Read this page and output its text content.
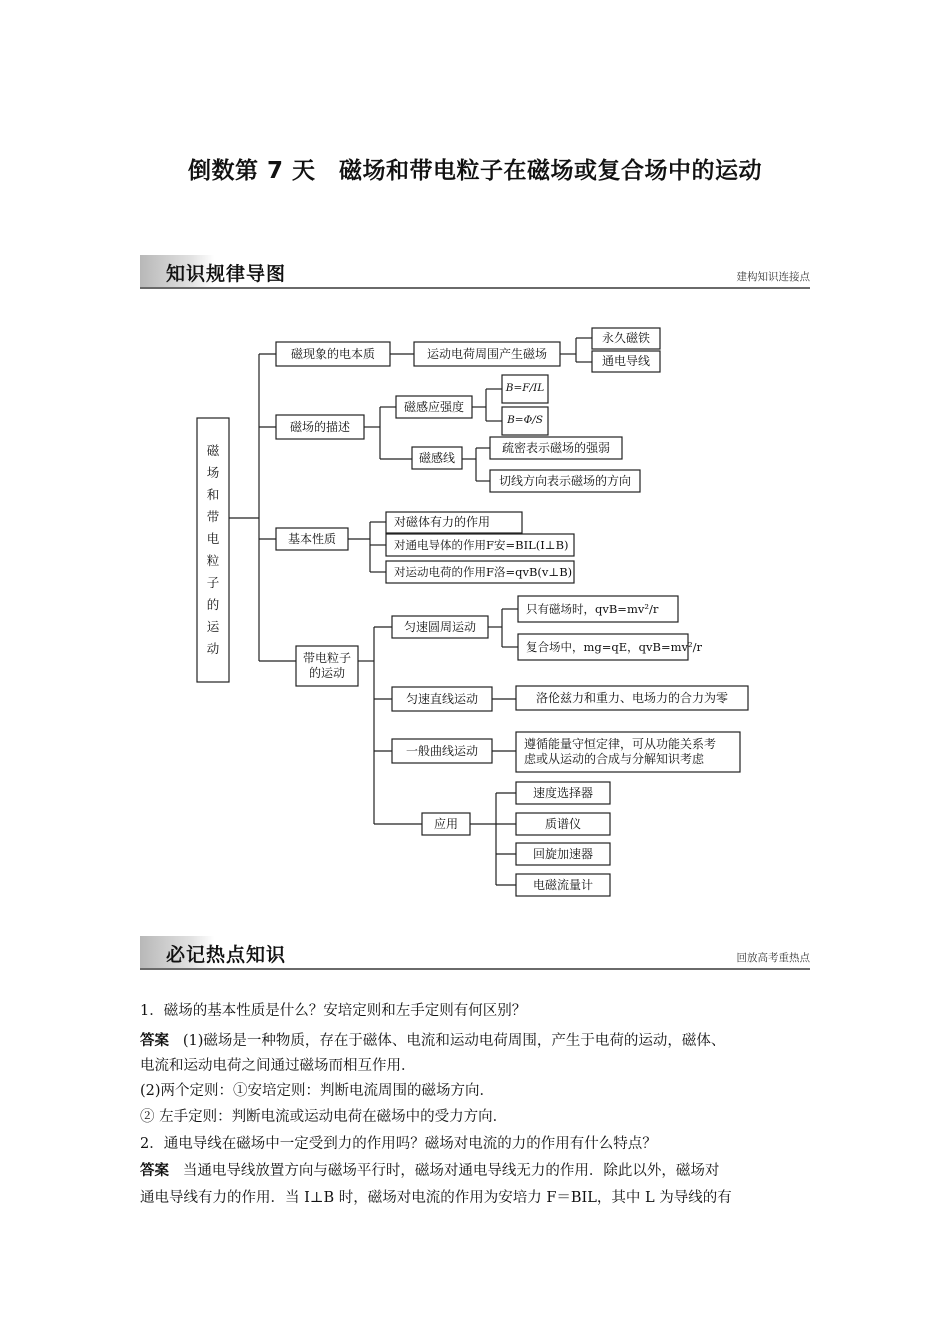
倒数第 7 天　磁场和带电粒子在磁场或复合场中的运动
知识规律导图	建构知识连接点
磁
场
和
带
电
粒
子
的
运
动
磁现象的电本质	运动电荷周围产生磁场
永久磁铁
通电导线
磁场的描述
磁感应强度
B=F/IL
B=Φ/S
磁感线
疏密表示磁场的强弱
切线方向表示磁场的方向
基本性质
对磁体有力的作用
对通电导体的作用F安=BIL(I⊥B)
对运动电荷的作用F洛=qvB(v⊥B)
带电粒子
的运动
匀速圆周运动
只有磁场时，qvB=mv²/r
复合场中，mg=qE，qvB=mv²/r
匀速直线运动	洛伦兹力和重力、电场力的合力为零
一般曲线运动	遵循能量守恒定律，可从功能关系考
虑或从运动的合成与分解知识考虑
应用
速度选择器
质谱仪
回旋加速器
电磁流量计
必记热点知识	回放高考重热点
1．磁场的基本性质是什么？安培定则和左手定则有何区别？
答案 (1)磁场是一种物质，存在于磁体、电流和运动电荷周围，产生于电荷的运动，磁体、
电流和运动电荷之间通过磁场而相互作用．
(2)两个定则：①安培定则：判断电流周围的磁场方向．
② 左手定则：判断电流或运动电荷在磁场中的受力方向．
2．通电导线在磁场中一定受到力的作用吗？磁场对电流的力的作用有什么特点？
答案 当通电导线放置方向与磁场平行时，磁场对通电导线无力的作用．除此以外，磁场对
通电导线有力的作用．当 I⊥B 时，磁场对电流的作用为安培力 F＝BIL，其中 L 为导线的有
